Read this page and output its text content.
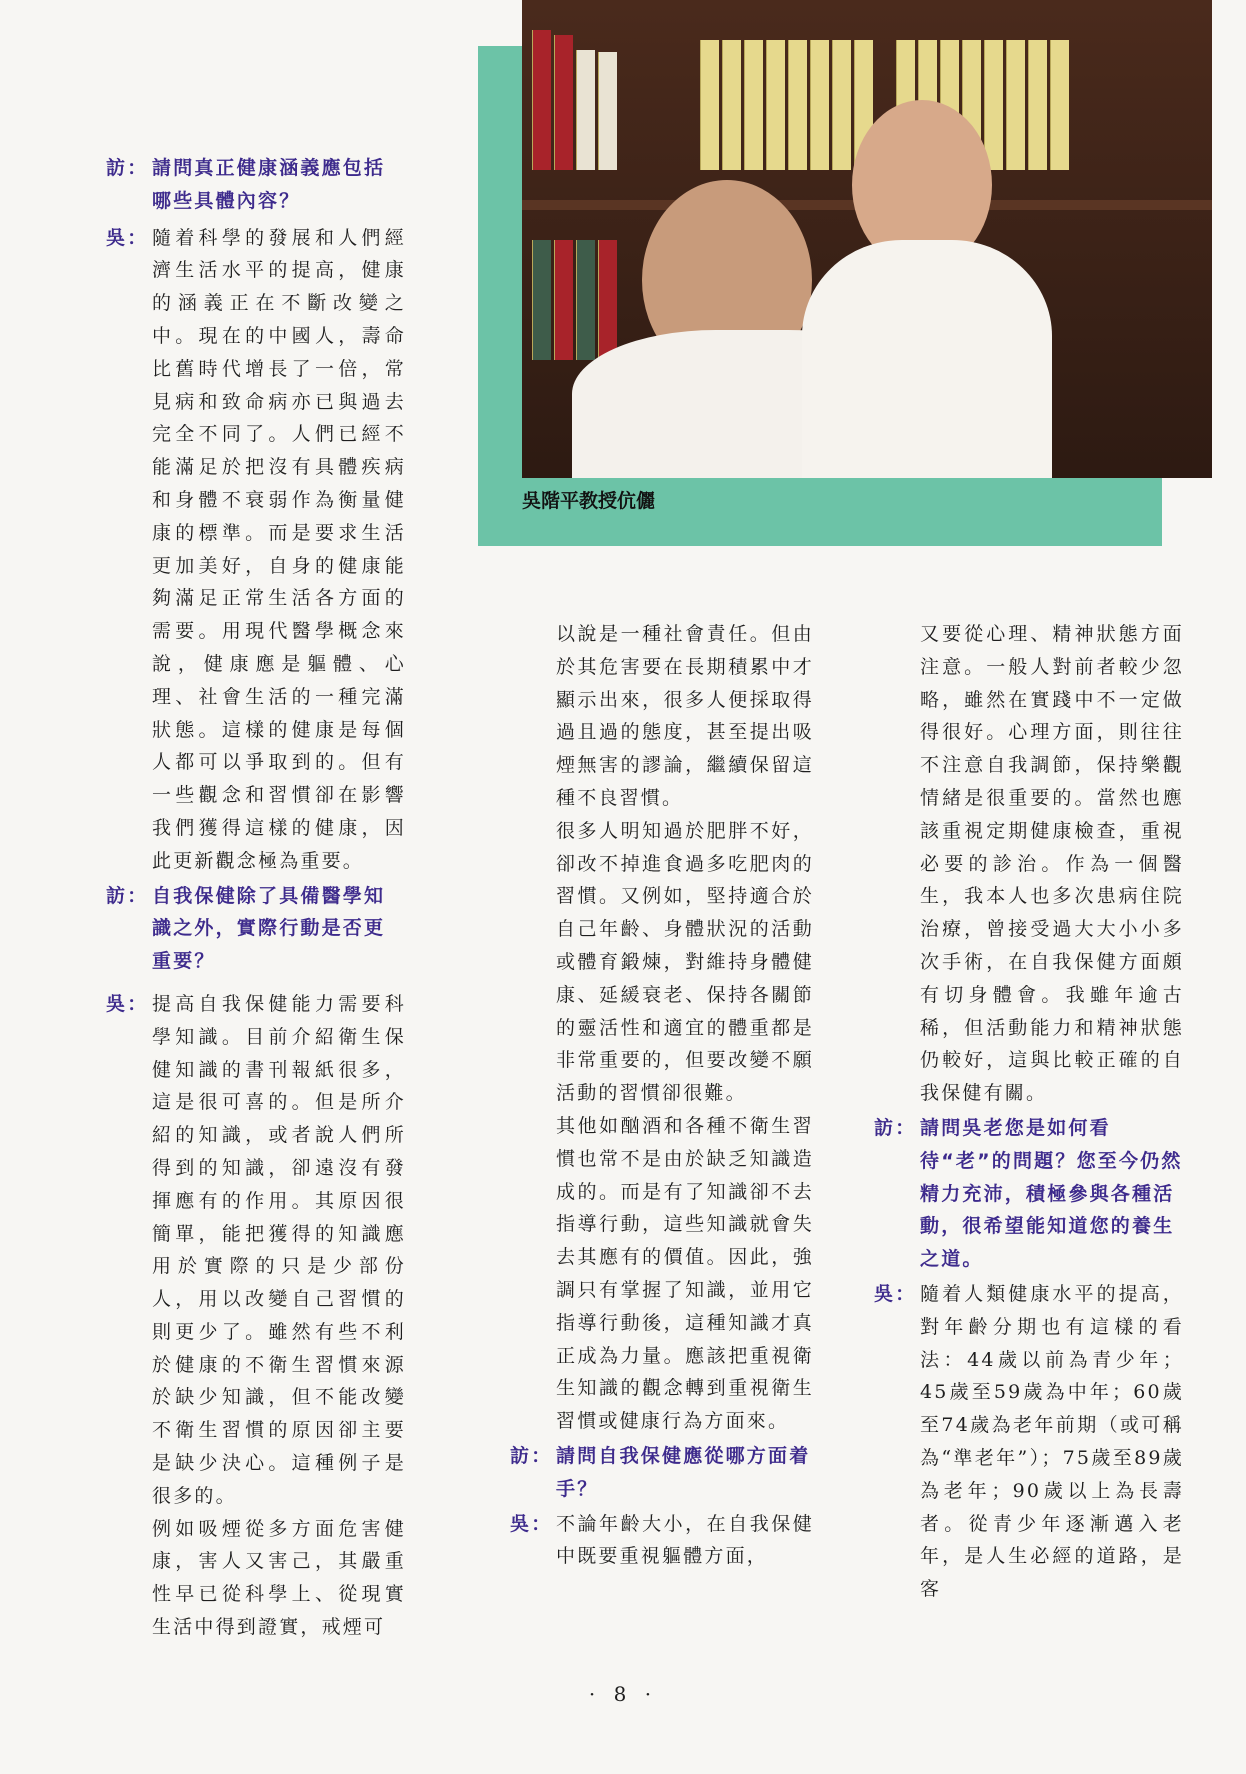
吳階平教授伉儷
訪： 請問真正健康涵義應包括哪些具體內容？
吳： 隨着科學的發展和人們經濟生活水平的提高，健康的涵義正在不斷改變之中。現在的中國人，壽命比舊時代增長了一倍，常見病和致命病亦已與過去完全不同了。人們已經不能滿足於把沒有具體疾病和身體不衰弱作為衡量健康的標準。而是要求生活更加美好，自身的健康能夠滿足正常生活各方面的需要。用現代醫學概念來說，健康應是軀體、心理、社會生活的一種完滿狀態。這樣的健康是每個人都可以爭取到的。但有一些觀念和習慣卻在影響我們獲得這樣的健康，因此更新觀念極為重要。

訪： 自我保健除了具備醫學知識之外，實際行動是否更重要？
吳： 提高自我保健能力需要科學知識。目前介紹衛生保健知識的書刊報紙很多，這是很可喜的。但是所介紹的知識，或者說人們所得到的知識，卻遠沒有發揮應有的作用。其原因很簡單，能把獲得的知識應用於實際的只是少部份人，用以改變自己習慣的則更少了。雖然有些不利於健康的不衛生習慣來源於缺少知識，但不能改變不衛生習慣的原因卻主要是缺少決心。這種例子是很多的。

例如吸煙從多方面危害健康，害人又害己，其嚴重性早已從科學上、從現實生活中得到證實，戒煙可

以說是一種社會責任。但由於其危害要在長期積累中才顯示出來，很多人便採取得過且過的態度，甚至提出吸煙無害的謬論，繼續保留這種不良習慣。

很多人明知過於肥胖不好，卻改不掉進食過多吃肥肉的習慣。又例如，堅持適合於自己年齡、身體狀況的活動或體育鍛煉，對維持身體健康、延緩衰老、保持各關節的靈活性和適宜的體重都是非常重要的，但要改變不願活動的習慣卻很難。

其他如酗酒和各種不衛生習慣也常不是由於缺乏知識造成的。而是有了知識卻不去指導行動，這些知識就會失去其應有的價值。因此，強調只有掌握了知識，並用它指導行動後，這種知識才真正成為力量。應該把重視衛生知識的觀念轉到重視衛生習慣或健康行為方面來。

訪： 請問自我保健應從哪方面着手？
吳： 不論年齡大小，在自我保健中既要重視軀體方面，

又要從心理、精神狀態方面注意。一般人對前者較少忽略，雖然在實踐中不一定做得很好。心理方面，則往往不注意自我調節，保持樂觀情緒是很重要的。當然也應該重視定期健康檢查，重視必要的診治。作為一個醫生，我本人也多次患病住院治療，曾接受過大大小小多次手術，在自我保健方面頗有切身體會。我雖年逾古稀，但活動能力和精神狀態仍較好，這與比較正確的自我保健有關。

訪： 請問吳老您是如何看待“老”的問題？您至今仍然精力充沛，積極參與各種活動，很希望能知道您的養生之道。
吳： 隨着人類健康水平的提高，對年齡分期也有這樣的看法：44歲以前為青少年；45歲至59歲為中年；60歲至74歲為老年前期（或可稱為“準老年”）；75歲至89歲為老年；90歲以上為長壽者。從青少年逐漸邁入老年，是人生必經的道路，是客

· 8 ·
